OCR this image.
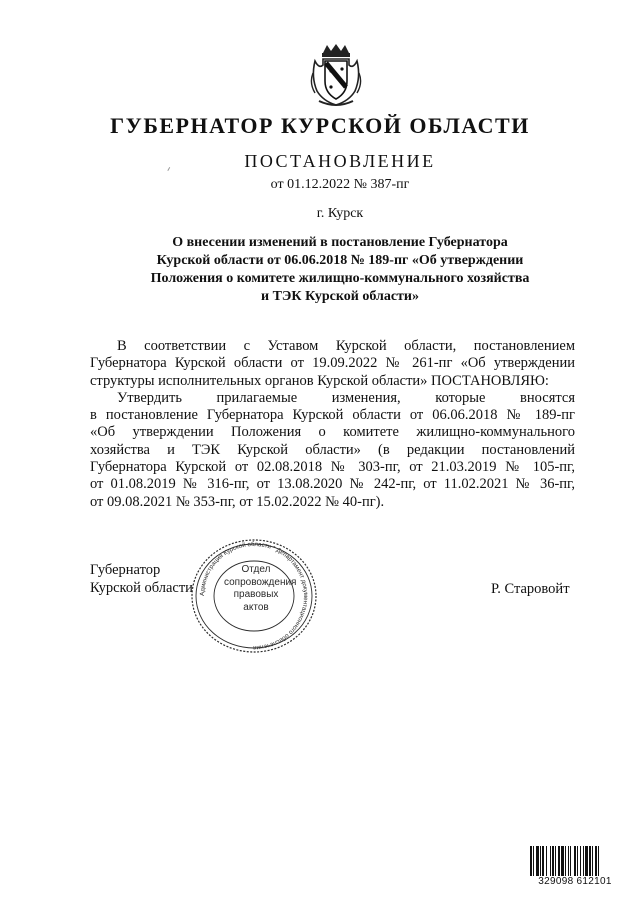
ГУБЕРНАТОР КУРСКОЙ ОБЛАСТИ
ПОСТАНОВЛЕНИЕ
от 01.12.2022 № 387-пг
г. Курск
О внесении изменений в постановление Губернатора
Курской области от 06.06.2018 № 189-пг «Об утверждении
Положения о комитете жилищно-коммунального хозяйства
и ТЭК Курской области»
В соответствии с Уставом Курской области, постановлением
Губернатора Курской области от 19.09.2022 № 261-пг «Об утверждении
структуры исполнительных органов Курской области» ПОСТАНОВЛЯЮ:
Утвердить прилагаемые изменения, которые вносятся
в постановление Губернатора Курской области от 06.06.2018 № 189-пг
«Об утверждении Положения о комитете жилищно-коммунального
хозяйства и ТЭК Курской области» (в редакции постановлений
Губернатора Курской от 02.08.2018 № 303-пг, от 21.03.2019 № 105-пг,
от 01.08.2019 № 316-пг, от 13.08.2020 № 242-пг, от 11.02.2021 № 36-пг,
от 09.08.2021 № 353-пг, от 15.02.2022 № 40-пг).
Губернатор
Курской области	Р. Старовойт
Администрация Курской области * Департамент документационного обеспечения
Отдел
сопровождения
правовых
актов
329098 612101
